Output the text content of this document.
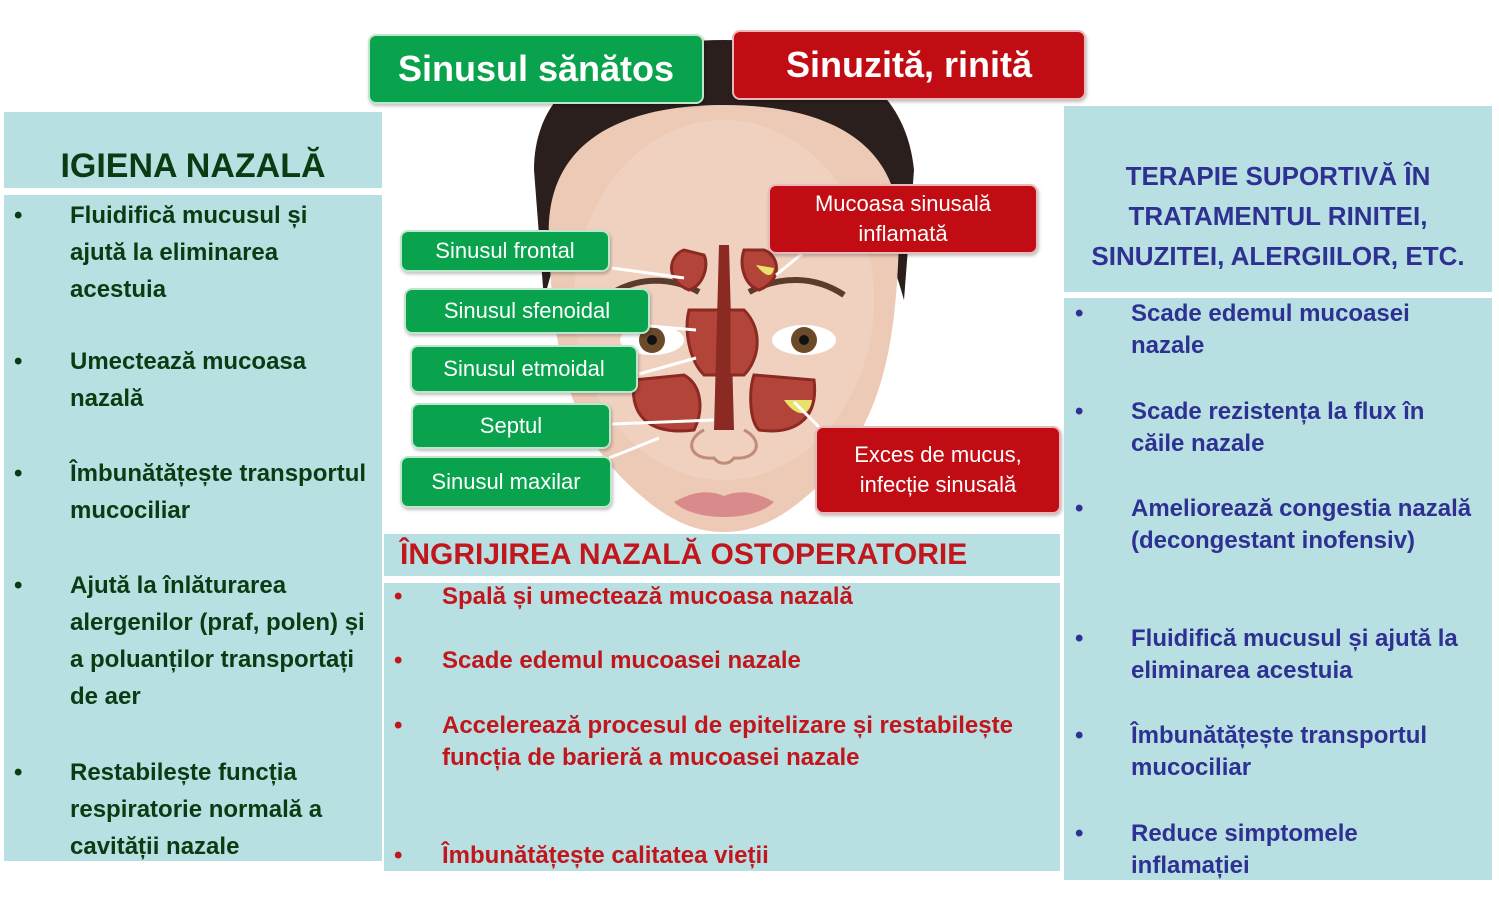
Sinusul sănătos	Sinuzită, rinită
Sinusul frontal
Sinusul sfenoidal
Sinusul etmoidal
Septul
Sinusul maxilar
Mucoasa sinusală inflamată
Exces de mucus, infecție sinusală
IGIENA NAZALĂ
• Fluidifică mucusul și ajută la eliminarea acestuia
• Umectează mucoasa nazală
• Îmbunătățește transportul mucociliar
• Ajută la înlăturarea alergenilor (praf, polen) și a poluanților transportați de aer
• Restabilește funcția respiratorie normală a cavității nazale
ÎNGRIJIREA NAZALĂ OSTOPERATORIE
• Spală și umectează mucoasa nazală
• Scade edemul mucoasei nazale
• Accelerează procesul de epitelizare și restabilește funcția de barieră a mucoasei nazale
• Îmbunătățește calitatea vieții
TERAPIE SUPORTIVĂ ÎN TRATAMENTUL RINITEI, SINUZITEI, ALERGIILOR, ETC.
• Scade edemul mucoasei nazale
• Scade rezistența la flux în căile nazale
• Ameliorează congestia nazală (decongestant inofensiv)
• Fluidifică mucusul și ajută la eliminarea acestuia
• Îmbunătățește transportul mucociliar
• Reduce simptomele inflamației
